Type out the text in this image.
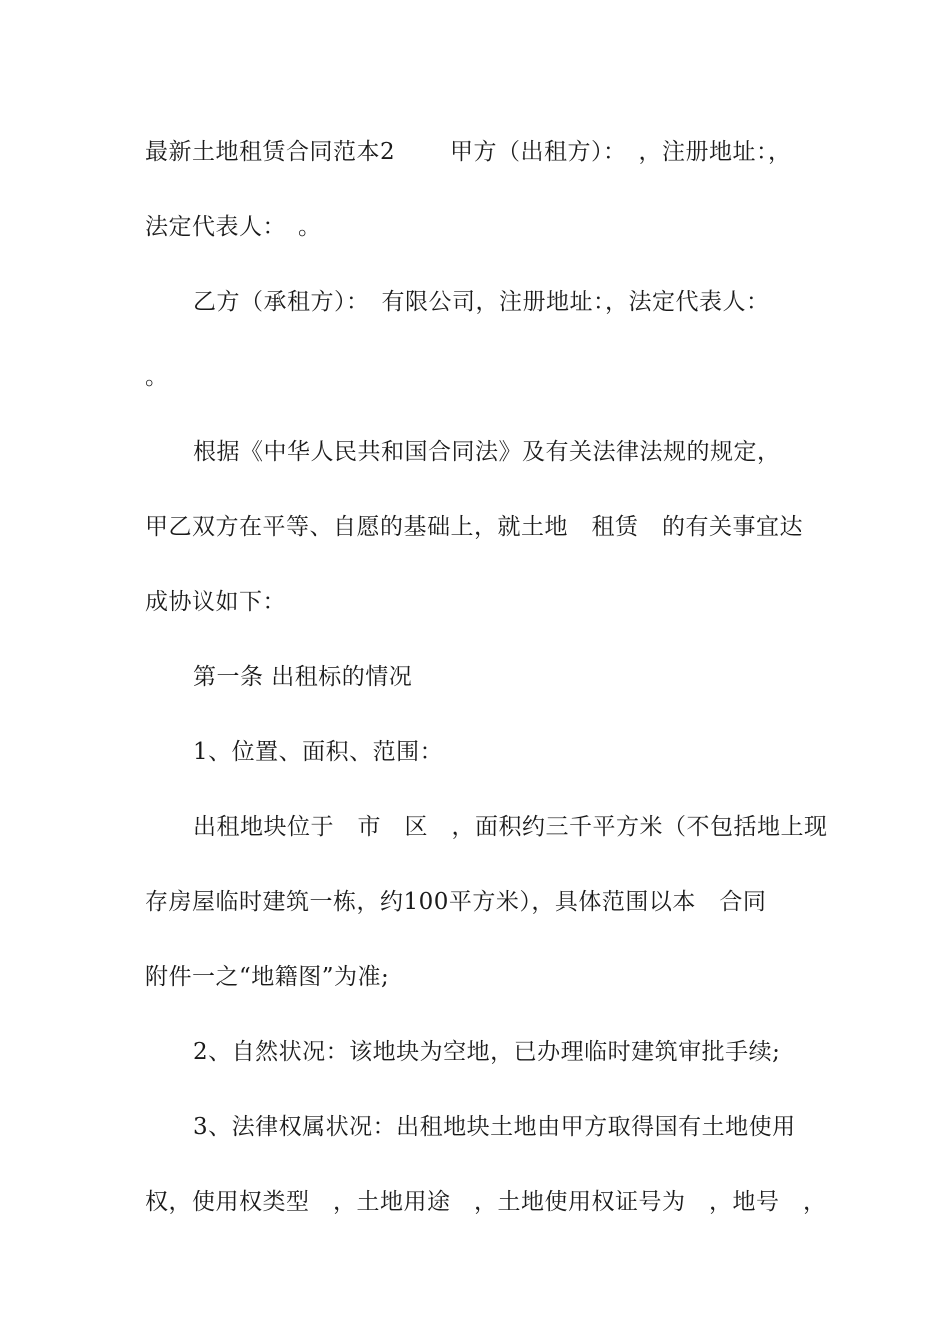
最新土地租赁合同范本2　　 甲方（出租方）：　，注册地址：，
法定代表人：　。
乙方（承租方）：　有限公司，注册地址：，法定代表人：
。
根据《中华人民共和国合同法》及有关法律法规的规定，
甲乙双方在平等、自愿的基础上，就土地　租赁　的有关事宜达
成协议如下：
第一条 出租标的情况
1、位置、面积、范围：
出租地块位于　市　区　，面积约三千平方米（不包括地上现
存房屋临时建筑一栋，约100平方米），具体范围以本　合同
附件一之“地籍图”为准;
2、自然状况：该地块为空地，已办理临时建筑审批手续;
3、法律权属状况：出租地块土地由甲方取得国有土地使用
权，使用权类型　，土地用途　，土地使用权证号为　，地号　，
